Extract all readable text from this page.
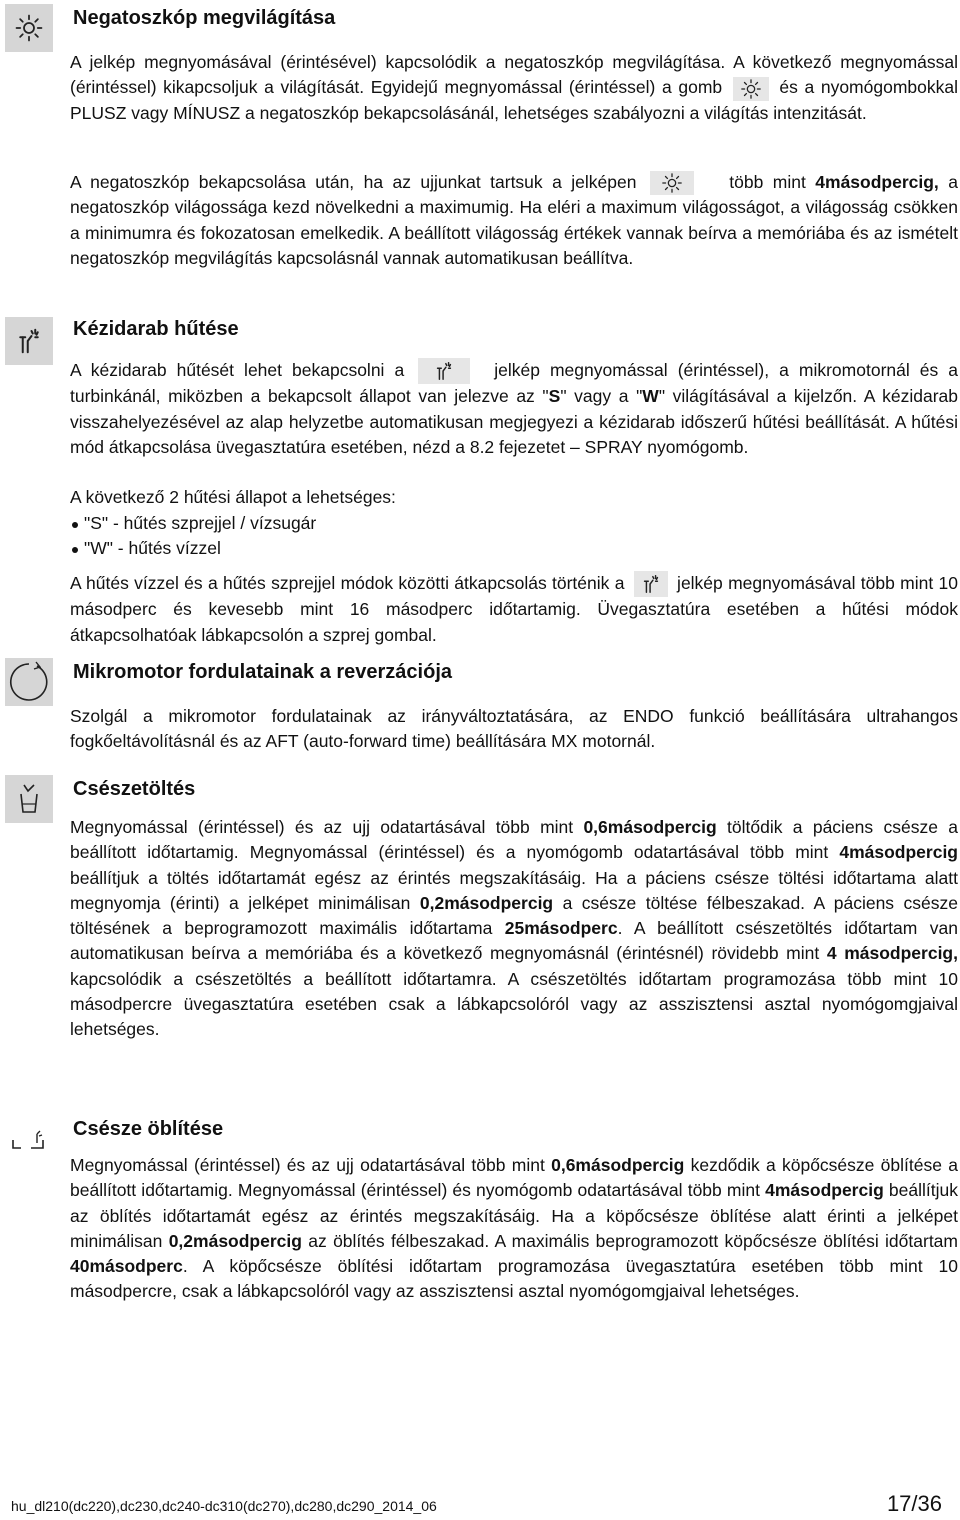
Negatoszkóp megvilágítása

A jelkép megnyomásával (érintésével) kapcsolódik a negatoszkóp megvilágítása. A következő megnyomással (érintéssel) kikapcsoljuk a világítását. Egyidejű megnyomással (érintéssel) a gomb	és a nyomógombokkal PLUSZ vagy MÍNUSZ a negatoszkóp bekapcsolásánál, lehetséges szabályozni a világítás intenzitását.

A negatoszkóp bekapcsolása után, ha az ujjunkat tartsuk a jelképen	több mint 4másodpercig, a negatoszkóp világossága kezd növelkedni a maximumig. Ha eléri a maximum világosságot, a világosság csökken a minimumra és fokozatosan emelkedik. A beállított világosság értékek vannak beírva a memóriába és az ismételt negatoszkóp megvilágítás kapcsolásnál vannak automatikusan beállítva.

Kézidarab hűtése

A kézidarab hűtését lehet bekapcsolni a	jelkép megnyomással (érintéssel), a mikromotornál és a turbinkánál, miközben a bekapcsolt állapot van jelezve az "S" vagy a "W" világításával a kijelzőn. A kézidarab visszahelyezésével az alap helyzetbe automatikusan megjegyezi a kézidarab időszerű hűtési beállítását. A hűtési mód átkapcsolása üvegasztatúra esetében, nézd a 8.2 fejezetet – SPRAY nyomógomb.

A következő 2 hűtési állapot a lehetséges:

"S" - hűtés szprejjel / vízsugár
"W" - hűtés vízzel

A hűtés vízzel és a hűtés szprejjel módok közötti átkapcsolás történik a
jelkép megnyomásával több mint 10 másodperc és kevesebb mint 16 másodperc időtartamig. Üvegasztatúra esetében a hűtési módok átkapcsolhatóak lábkapcsolón a szprej gombal.

Mikromotor fordulatainak a reverzációja

Szolgál a mikromotor fordulatainak az irányváltoztatására, az ENDO funkció beállítására ultrahangos fogkőeltávolításnál és az AFT (auto-forward time) beállítására MX motornál.

Csészetöltés

Megnyomással (érintéssel) és az ujj odatartásával több mint 0,6másodpercig töltődik a páciens csésze a beállított időtartamig. Megnyomással (érintéssel) és a nyomógomb odatartásával több mint 4másodpercig beállítjuk a töltés időtartamát egész az érintés megszakításáig. Ha a páciens csésze töltési időtartama alatt megnyomja (érinti) a jelképet minimálisan 0,2másodpercig a csésze töltése félbeszakad. A páciens csésze töltésének a beprogramozott maximális időtartama 25másodperc. A beállított csészetöltés időtartam van automatikusan beírva a memóriába és a következő megnyomásnál (érintésnél) rövidebb mint 4 másodpercig, kapcsolódik a csészetöltés a beállított időtartamra. A csészetöltés időtartam programozása több mint 10 másodpercre üvegasztatúra esetében csak a lábkapcsolóról vagy az asszisztensi asztal nyomógomgjaival lehetséges.

Csésze öblítése

Megnyomással (érintéssel) és az ujj odatartásával több mint 0,6másodpercig kezdődik a köpőcsésze öblítése a beállított időtartamig. Megnyomással (érintéssel) és nyomógomb odatartásával több mint 4másodpercig beállítjuk az öblítés időtartamát egész az érintés megszakításáig. Ha a köpőcsésze öblítése alatt érinti a jelképet minimálisan 0,2másodpercig az öblítés félbeszakad. A maximális beprogramozott köpőcsésze öblítési időtartam 40másodperc. A köpőcsésze öblítési időtartam programozása üvegasztatúra esetében több mint 10 másodpercre, csak a lábkapcsolóról vagy az asszisztensi asztal nyomógomgjaival lehetséges.

hu_dl210(dc220),dc230,dc240-dc310(dc270),dc280,dc290_2014_06	17/36
